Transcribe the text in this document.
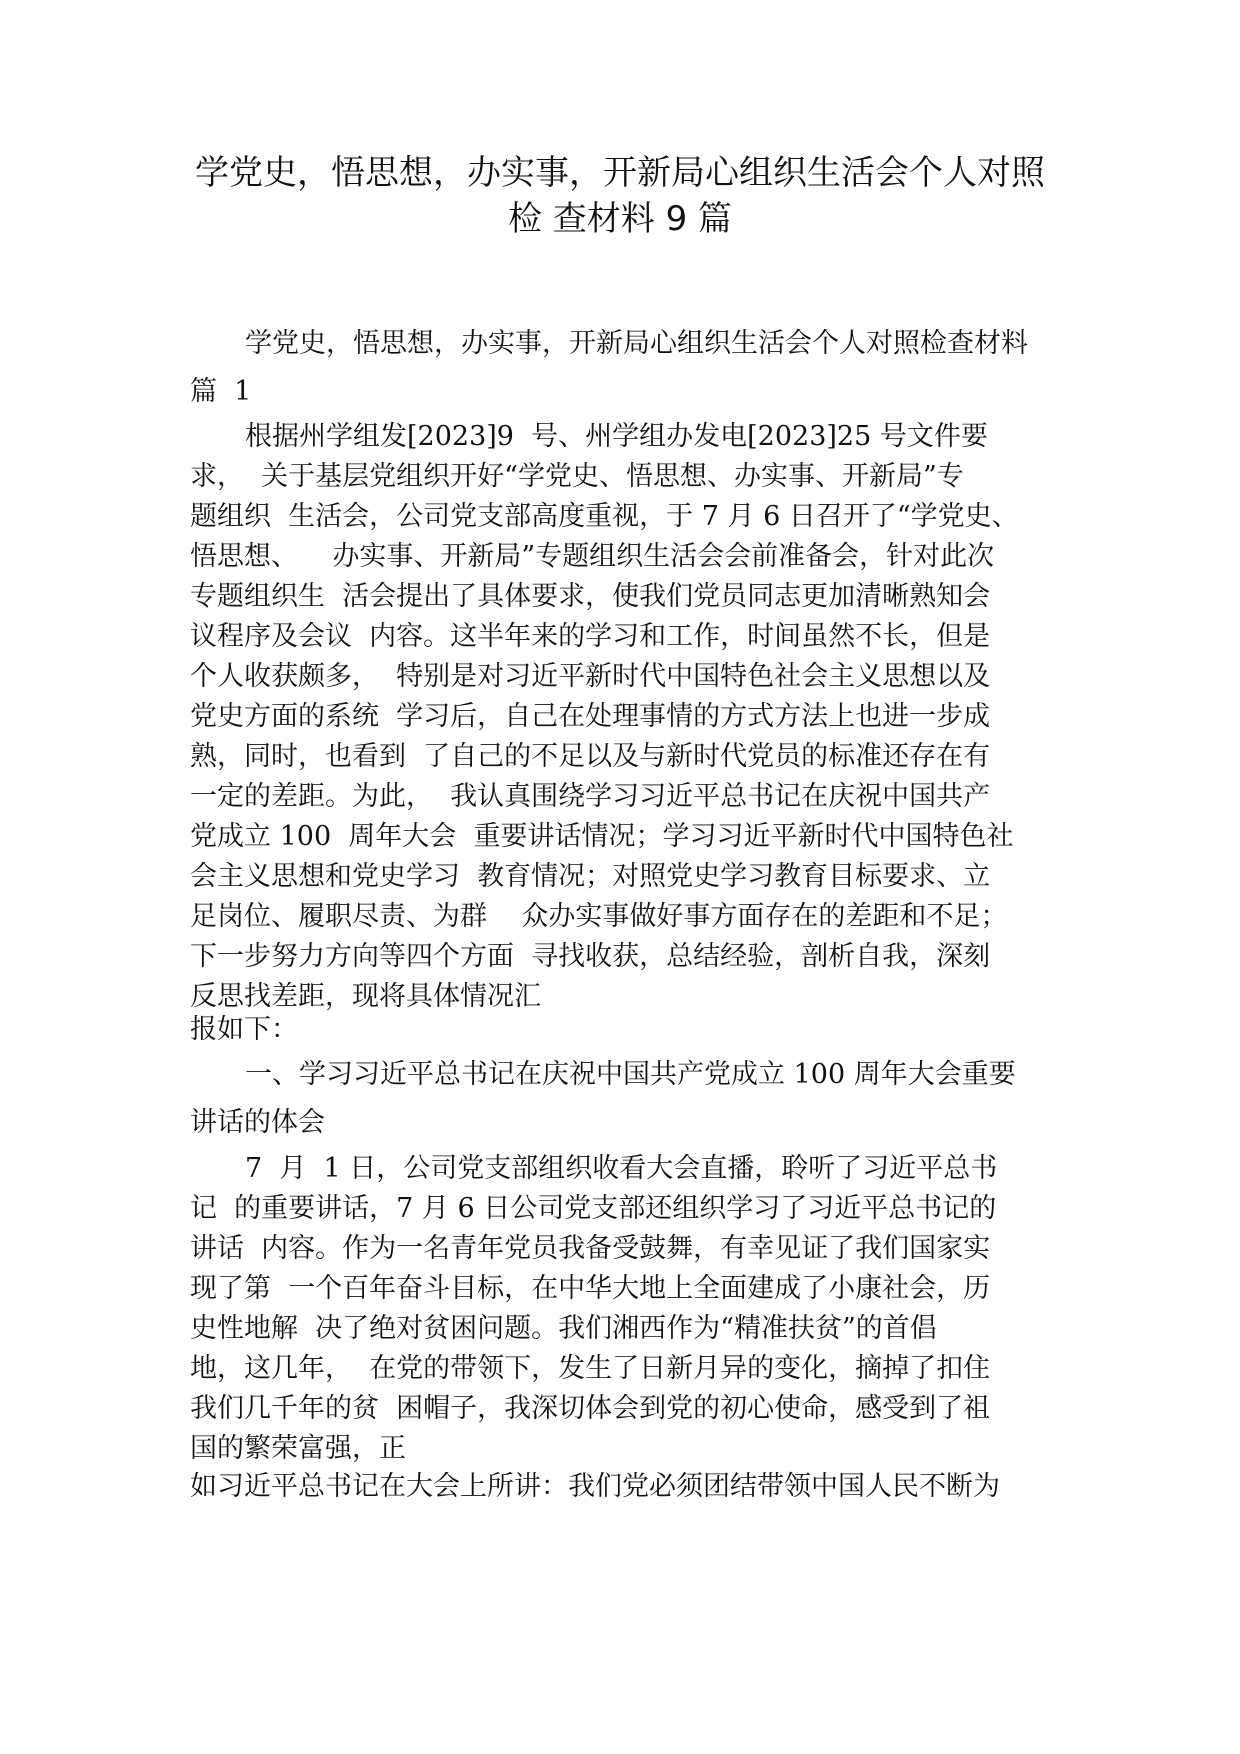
学党史，悟思想，办实事，开新局心组织生活会个人对照
检 查材料 9 篇
学党史，悟思想，办实事，开新局心组织生活会个人对照检查材料
篇  1
根据州学组发[2023]9  号、州学组办发电[2023]25 号文件要
求，  关于基层党组织开好“学党史、悟思想、办实事、开新局”专
题组织  生活会，公司党支部高度重视，于 7 月 6 日召开了“学党史、
悟思想、    办实事、开新局”专题组织生活会会前准备会，针对此次
专题组织生  活会提出了具体要求，使我们党员同志更加清晰熟知会
议程序及会议  内容。这半年来的学习和工作，时间虽然不长，但是
个人收获颇多，  特别是对习近平新时代中国特色社会主义思想以及
党史方面的系统  学习后，自己在处理事情的方式方法上也进一步成
熟，同时，也看到  了自己的不足以及与新时代党员的标准还存在有
一定的差距。为此，  我认真围绕学习习近平总书记在庆祝中国共产
党成立 100  周年大会  重要讲话情况；学习习近平新时代中国特色社
会主义思想和党史学习  教育情况；对照党史学习教育目标要求、立
足岗位、履职尽责、为群    众办实事做好事方面存在的差距和不足；
下一步努力方向等四个方面  寻找收获，总结经验，剖析自我，深刻
反思找差距，现将具体情况汇
报如下：
一、学习习近平总书记在庆祝中国共产党成立 100 周年大会重要
讲话的体会
7  月  1 日，公司党支部组织收看大会直播，聆听了习近平总书
记  的重要讲话，7 月 6 日公司党支部还组织学习了习近平总书记的
讲话  内容。作为一名青年党员我备受鼓舞，有幸见证了我们国家实
现了第  一个百年奋斗目标，在中华大地上全面建成了小康社会，历
史性地解  决了绝对贫困问题。我们湘西作为“精准扶贫”的首倡
地，这几年，  在党的带领下，发生了日新月异的变化，摘掉了扣住
我们几千年的贫  困帽子，我深切体会到党的初心使命，感受到了祖
国的繁荣富强，正
如习近平总书记在大会上所讲：我们党必须团结带领中国人民不断为
